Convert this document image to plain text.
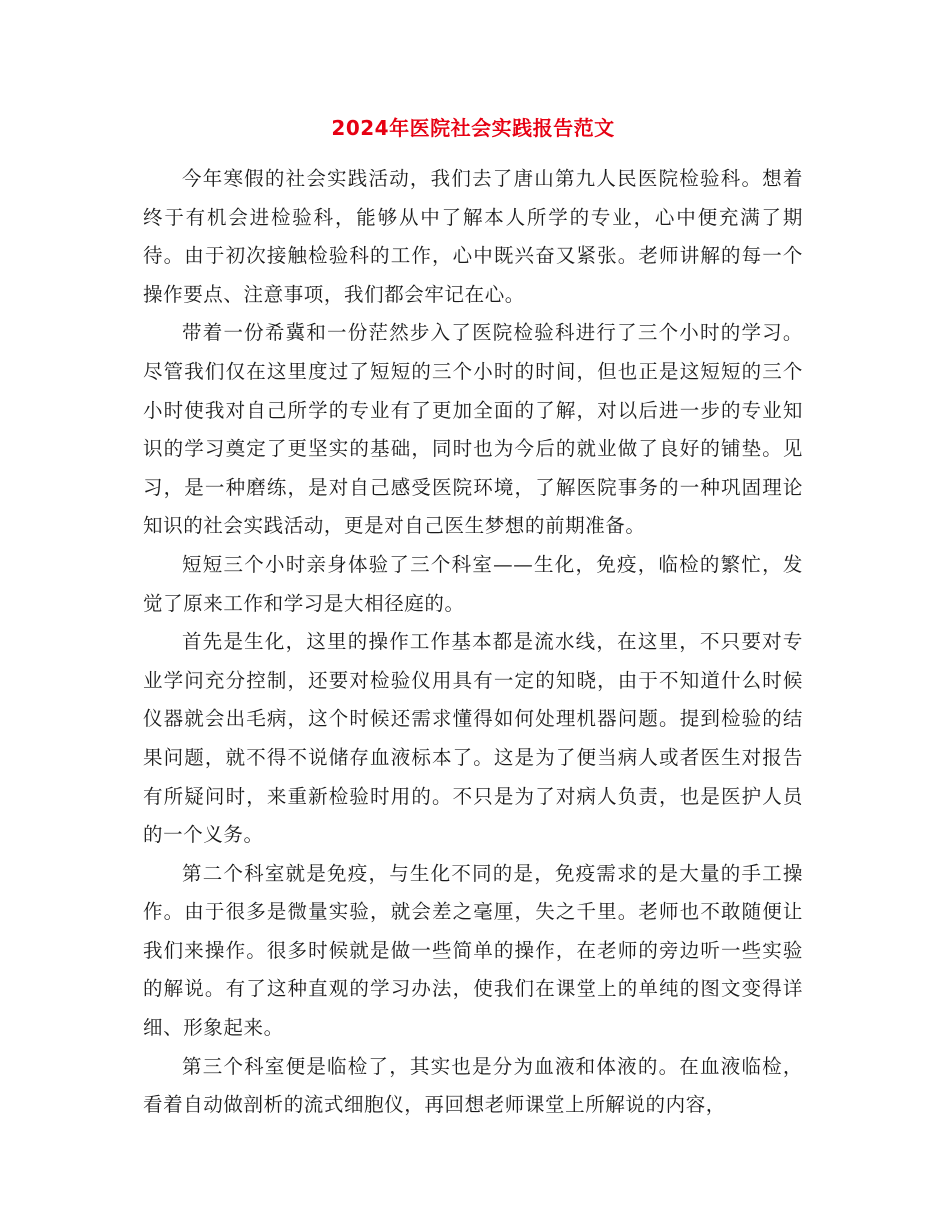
2024年医院社会实践报告范文

今年寒假的社会实践活动，我们去了唐山第九人民医院检验科。想着终于有机会进检验科，能够从中了解本人所学的专业，心中便充满了期待。由于初次接触检验科的工作，心中既兴奋又紧张。老师讲解的每一个操作要点、注意事项，我们都会牢记在心。

带着一份希冀和一份茫然步入了医院检验科进行了三个小时的学习。尽管我们仅在这里度过了短短的三个小时的时间，但也正是这短短的三个小时使我对自己所学的专业有了更加全面的了解，对以后进一步的专业知识的学习奠定了更坚实的基础，同时也为今后的就业做了良好的铺垫。见习，是一种磨练，是对自己感受医院环境，了解医院事务的一种巩固理论知识的社会实践活动，更是对自己医生梦想的前期准备。

短短三个小时亲身体验了三个科室——生化，免疫，临检的繁忙，发觉了原来工作和学习是大相径庭的。

首先是生化，这里的操作工作基本都是流水线，在这里，不只要对专业学问充分控制，还要对检验仪用具有一定的知晓，由于不知道什么时候仪器就会出毛病，这个时候还需求懂得如何处理机器问题。提到检验的结果问题，就不得不说储存血液标本了。这是为了便当病人或者医生对报告有所疑问时，来重新检验时用的。不只是为了对病人负责，也是医护人员的一个义务。

第二个科室就是免疫，与生化不同的是，免疫需求的是大量的手工操作。由于很多是微量实验，就会差之毫厘，失之千里。老师也不敢随便让我们来操作。很多时候就是做一些简单的操作，在老师的旁边听一些实验的解说。有了这种直观的学习办法，使我们在课堂上的单纯的图文变得详细、形象起来。

第三个科室便是临检了，其实也是分为血液和体液的。在血液临检，看着自动做剖析的流式细胞仪，再回想老师课堂上所解说的内容，
